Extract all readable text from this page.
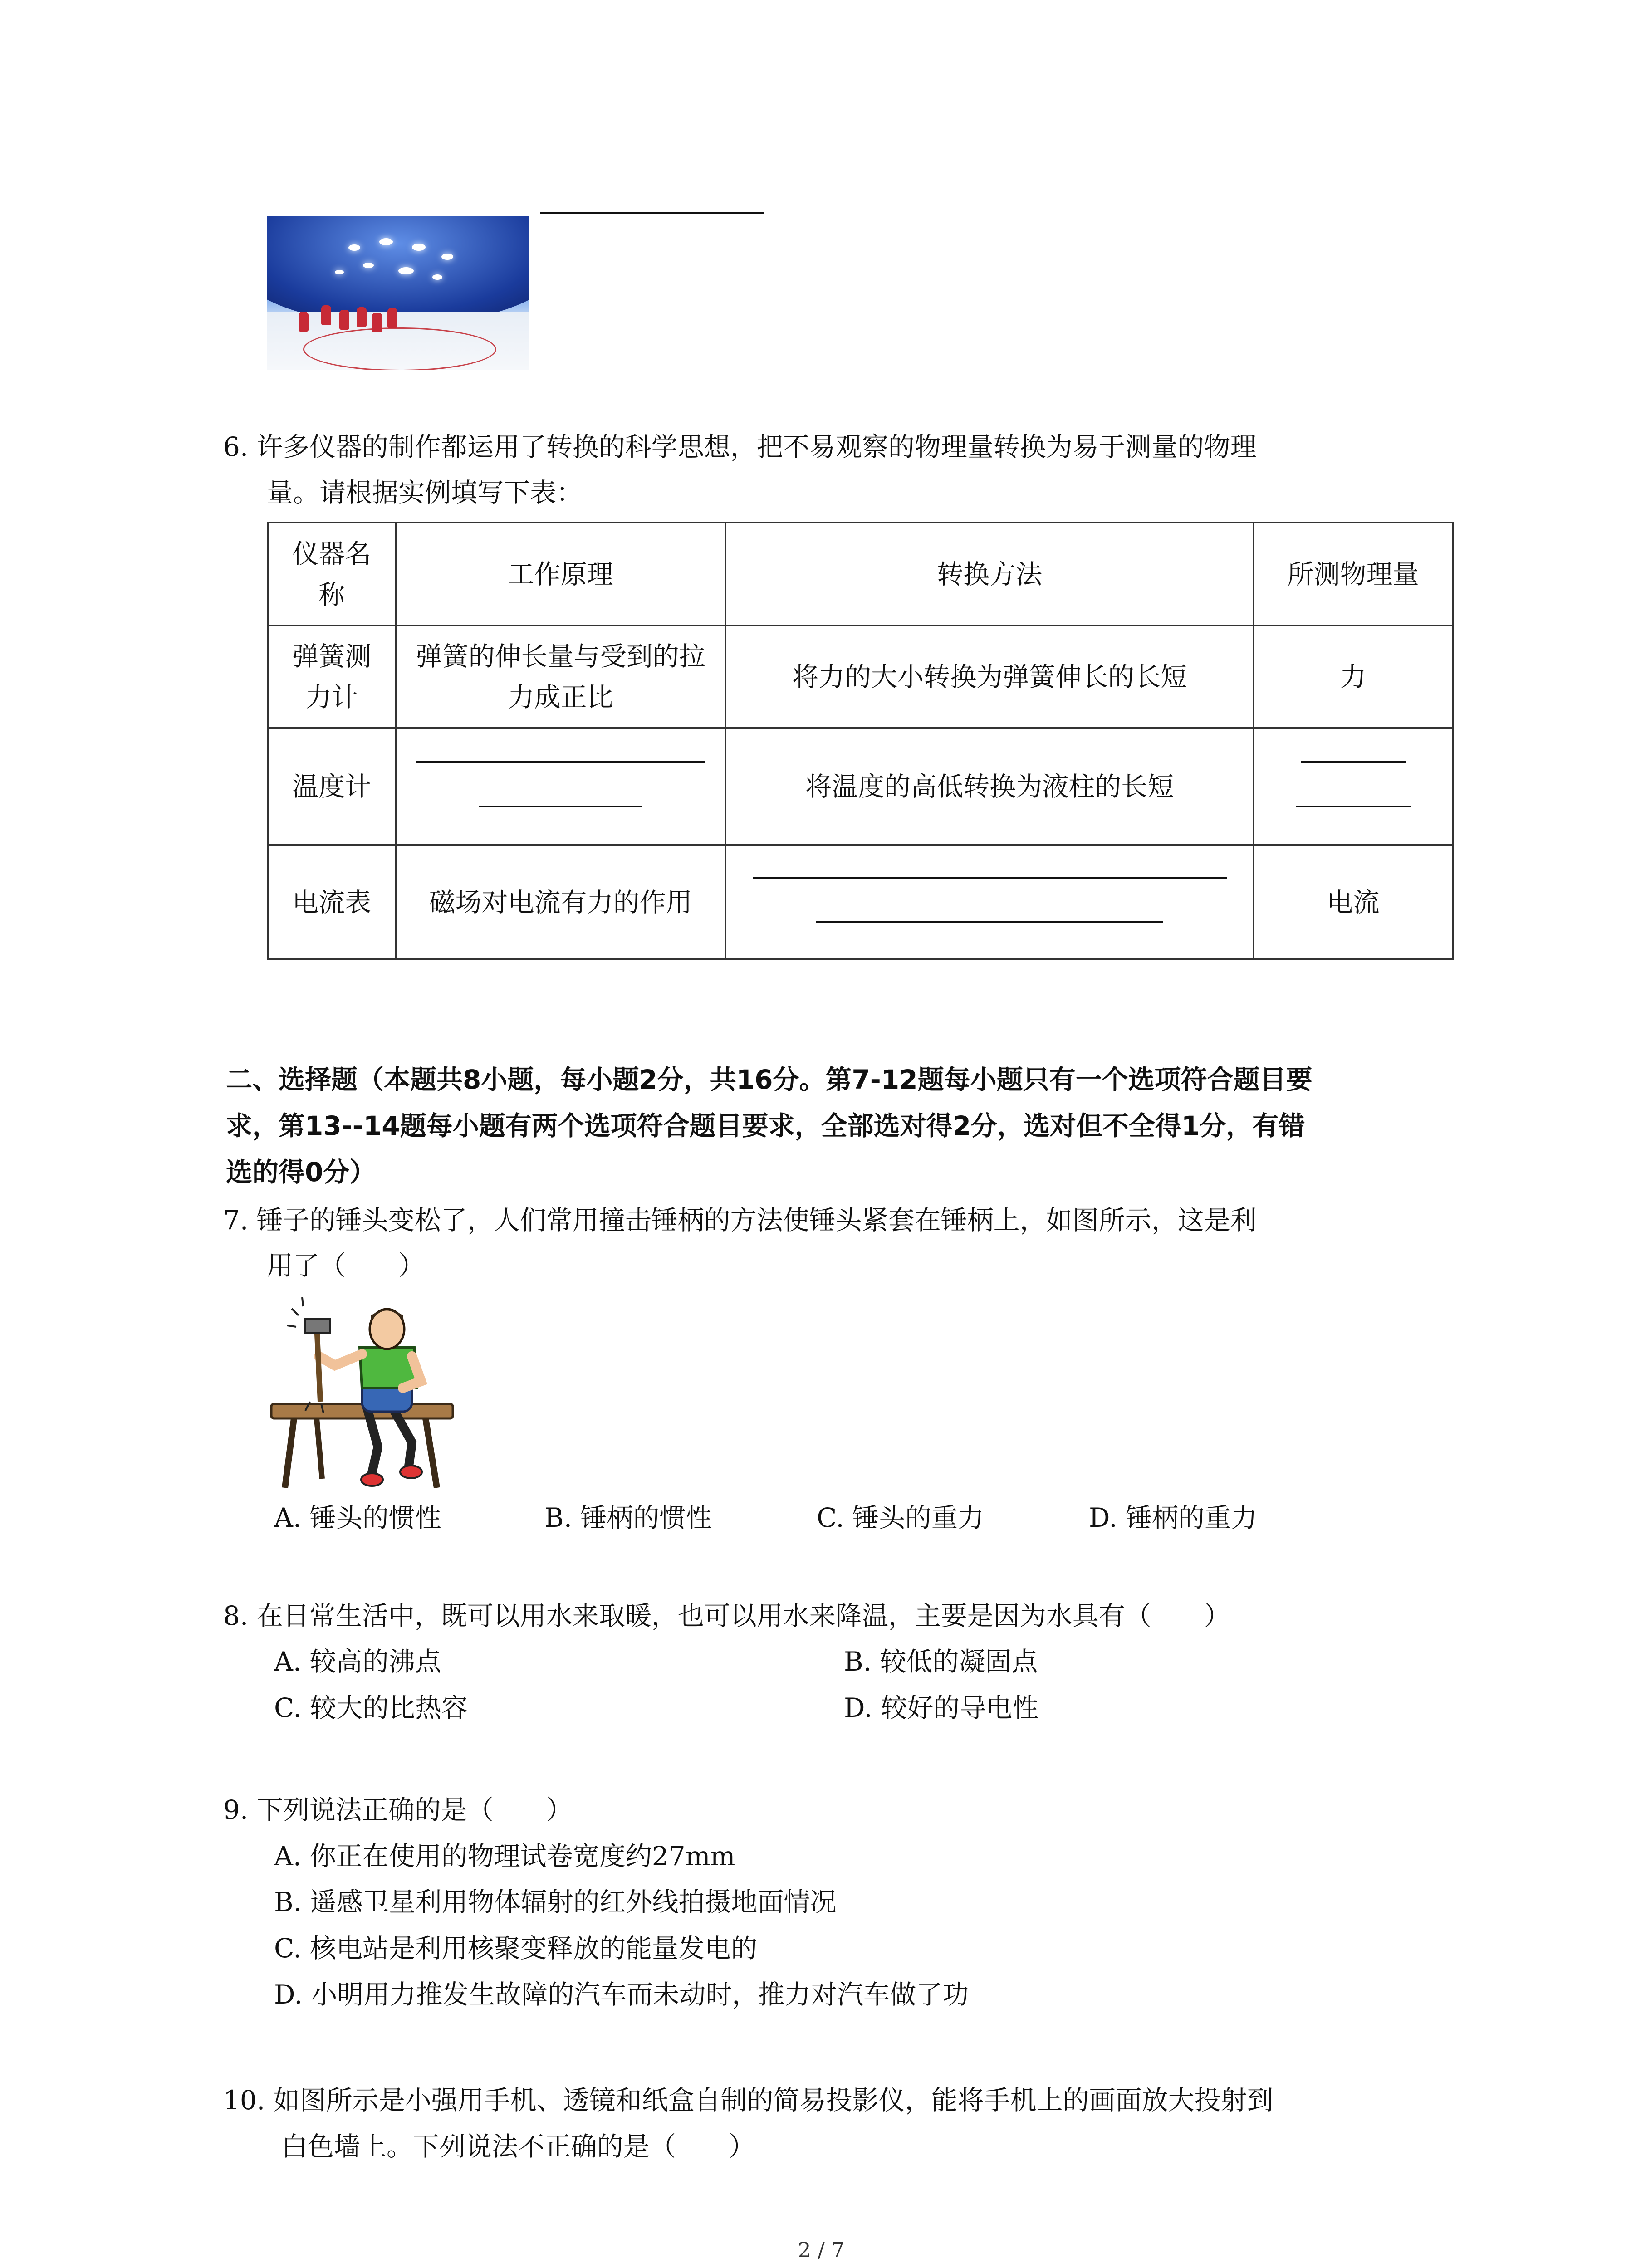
6. 许多仪器的制作都运用了转换的科学思想，把不易观察的物理量转换为易于测量的物理
量。请根据实例填写下表：
仪器名称	工作原理	转换方法	所测物理量
弹簧测力计	弹簧的伸长量与受到的拉力成正比	将力的大小转换为弹簧伸长的长短	力
温度计		将温度的高低转换为液柱的长短	

电流表	磁场对电流有力的作用		电流
二、选择题（本题共8小题，每小题2分，共16分。第7-12题每小题只有一个选项符合题目要
求，第13--14题每小题有两个选项符合题目要求，全部选对得2分，选对但不全得1分，有错
选的得0分）
7. 锤子的锤头变松了，人们常用撞击锤柄的方法使锤头紧套在锤柄上，如图所示，这是利
用了（　　）
A. 锤头的惯性	B. 锤柄的惯性	C. 锤头的重力	D. 锤柄的重力
8. 在日常生活中，既可以用水来取暖，也可以用水来降温，主要是因为水具有（　　）
A. 较高的沸点	B. 较低的凝固点
C. 较大的比热容	D. 较好的导电性
9. 下列说法正确的是（　　）
A. 你正在使用的物理试卷宽度约27mm
B. 遥感卫星利用物体辐射的红外线拍摄地面情况
C. 核电站是利用核聚变释放的能量发电的
D. 小明用力推发生故障的汽车而未动时，推力对汽车做了功
10. 如图所示是小强用手机、透镜和纸盒自制的简易投影仪，能将手机上的画面放大投射到
白色墙上。下列说法不正确的是（　　）
2 / 7
